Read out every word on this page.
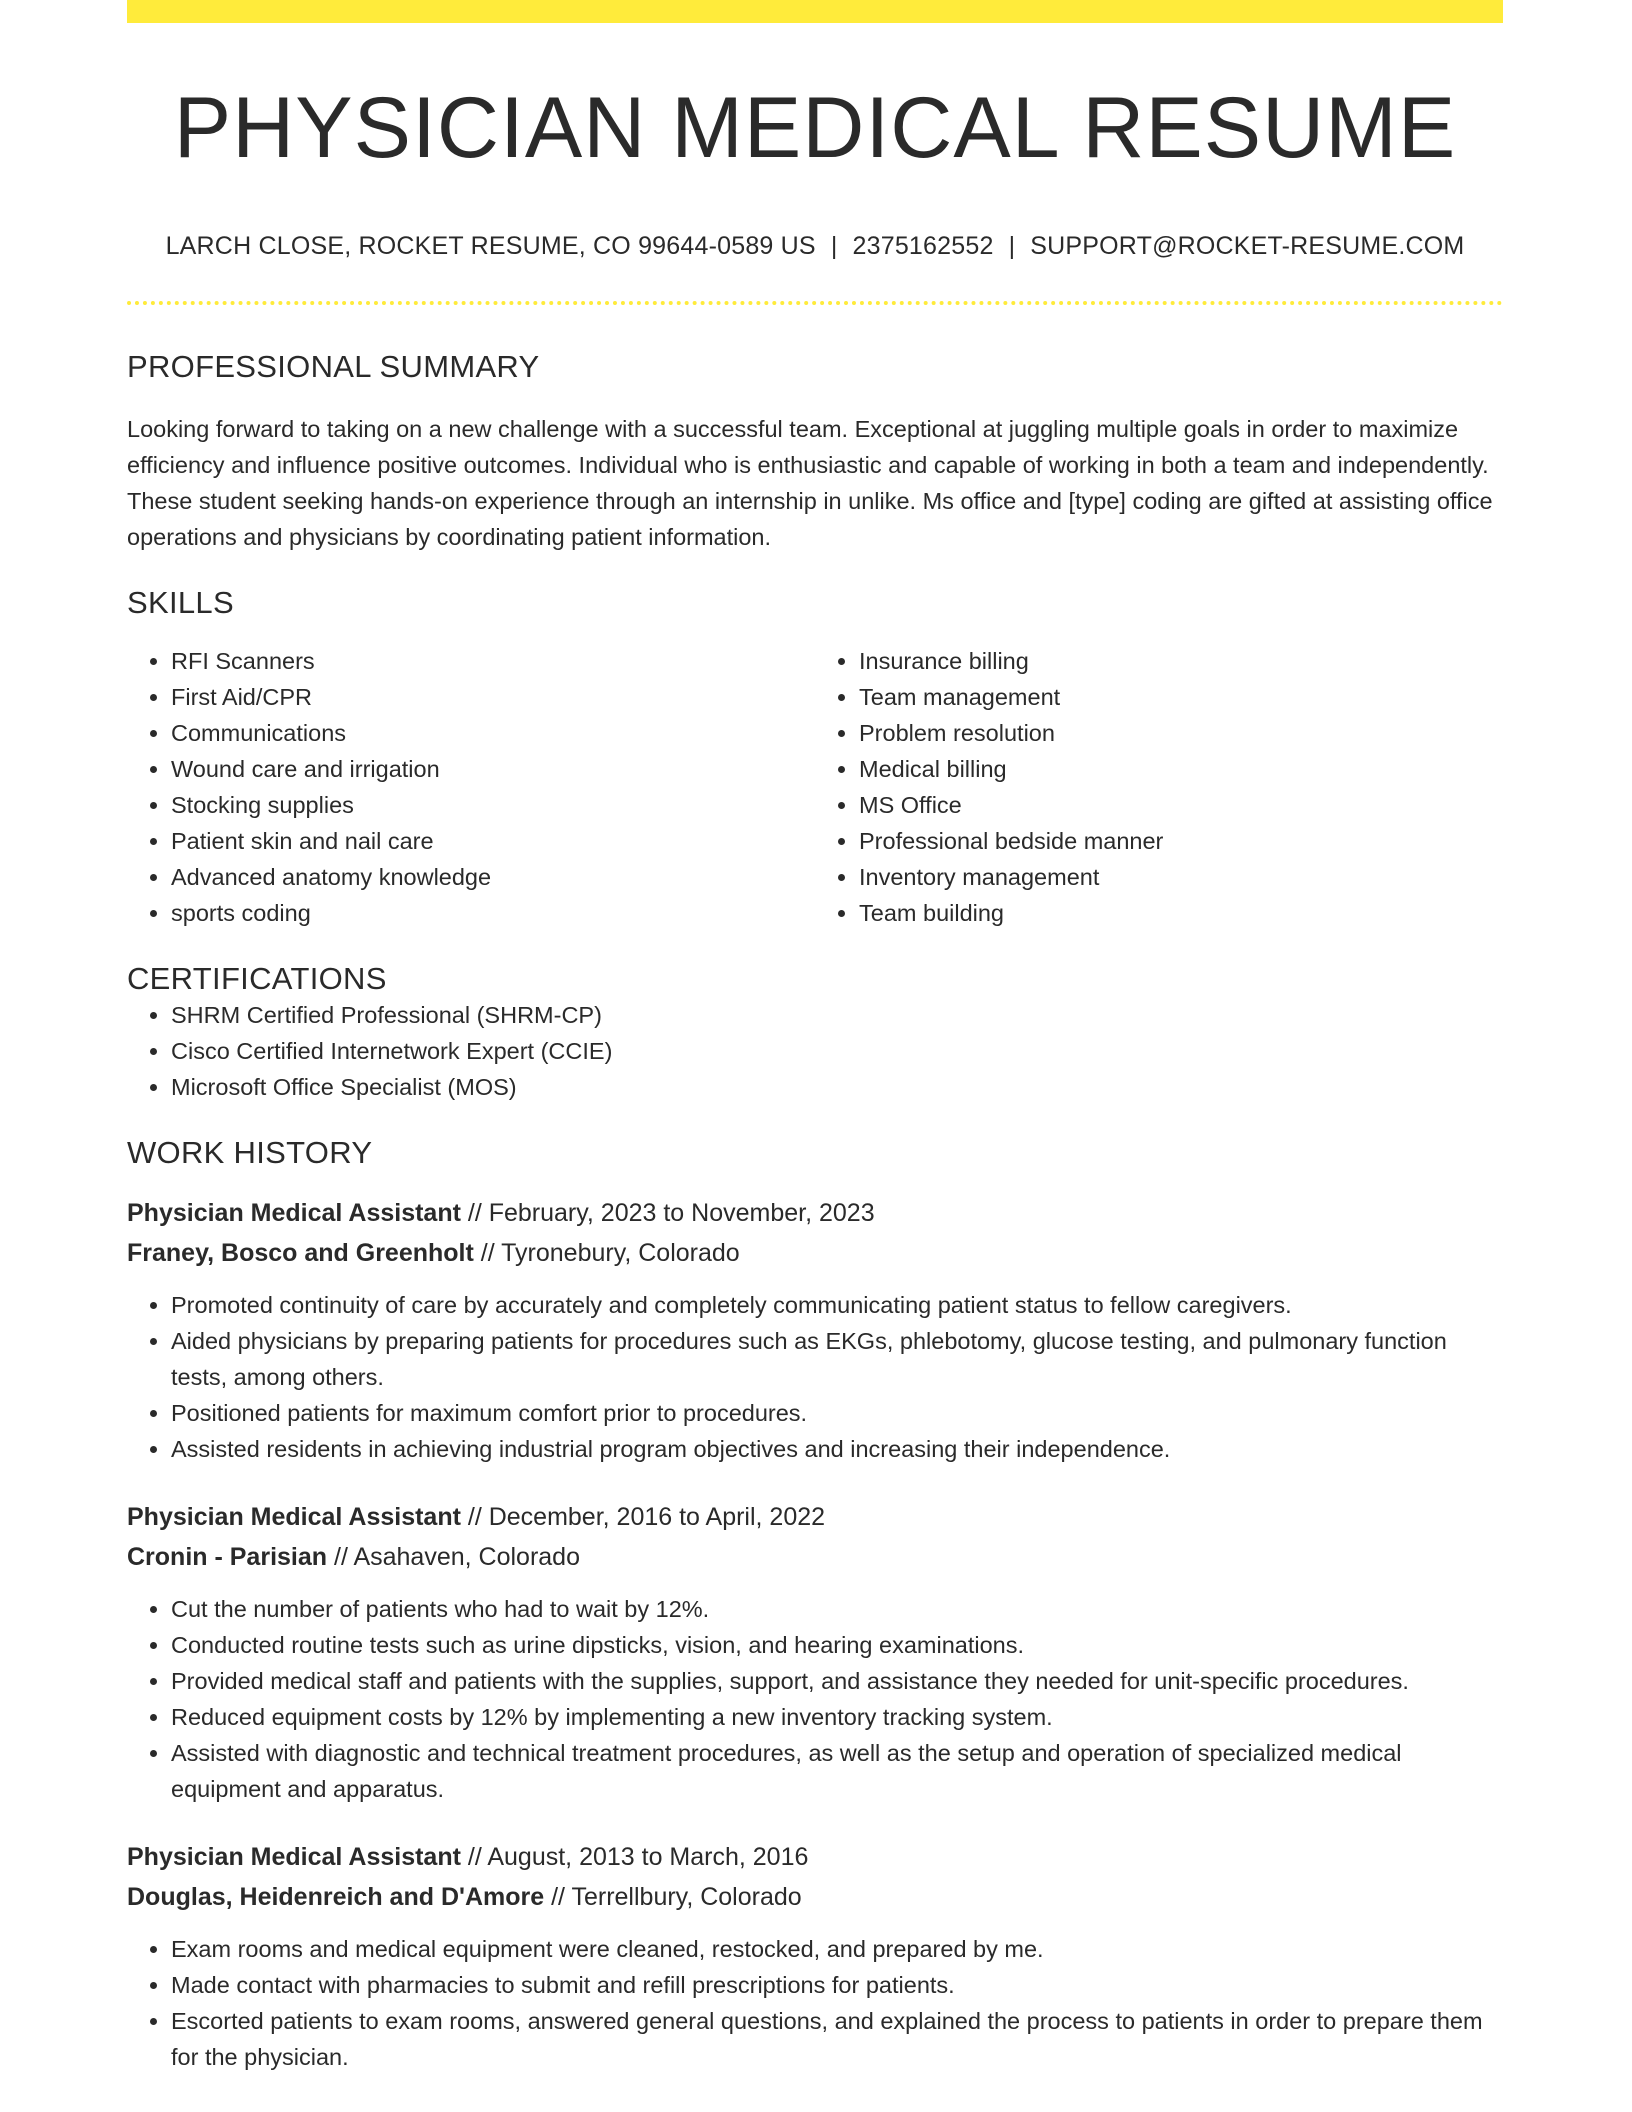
PHYSICIAN MEDICAL RESUME
LARCH CLOSE, ROCKET RESUME, CO 99644-0589 US | 2375162552 | SUPPORT@ROCKET-RESUME.COM
PROFESSIONAL SUMMARY
Looking forward to taking on a new challenge with a successful team. Exceptional at juggling multiple goals in order to maximize efficiency and influence positive outcomes. Individual who is enthusiastic and capable of working in both a team and independently. These student seeking hands-on experience through an internship in unlike. Ms office and [type] coding are gifted at assisting office operations and physicians by coordinating patient information.
SKILLS
• RFI Scanners
• First Aid/CPR
• Communications
• Wound care and irrigation
• Stocking supplies
• Patient skin and nail care
• Advanced anatomy knowledge
• sports coding
• Insurance billing
• Team management
• Problem resolution
• Medical billing
• MS Office
• Professional bedside manner
• Inventory management
• Team building
CERTIFICATIONS
• SHRM Certified Professional (SHRM-CP)
• Cisco Certified Internetwork Expert (CCIE)
• Microsoft Office Specialist (MOS)
WORK HISTORY
Physician Medical Assistant // February, 2023 to November, 2023
Franey, Bosco and Greenholt // Tyronebury, Colorado
• Promoted continuity of care by accurately and completely communicating patient status to fellow caregivers.
• Aided physicians by preparing patients for procedures such as EKGs, phlebotomy, glucose testing, and pulmonary function tests, among others.
• Positioned patients for maximum comfort prior to procedures.
• Assisted residents in achieving industrial program objectives and increasing their independence.
Physician Medical Assistant // December, 2016 to April, 2022
Cronin - Parisian // Asahaven, Colorado
• Cut the number of patients who had to wait by 12%.
• Conducted routine tests such as urine dipsticks, vision, and hearing examinations.
• Provided medical staff and patients with the supplies, support, and assistance they needed for unit-specific procedures.
• Reduced equipment costs by 12% by implementing a new inventory tracking system.
• Assisted with diagnostic and technical treatment procedures, as well as the setup and operation of specialized medical equipment and apparatus.
Physician Medical Assistant // August, 2013 to March, 2016
Douglas, Heidenreich and D'Amore // Terrellbury, Colorado
• Exam rooms and medical equipment were cleaned, restocked, and prepared by me.
• Made contact with pharmacies to submit and refill prescriptions for patients.
• Escorted patients to exam rooms, answered general questions, and explained the process to patients in order to prepare them for the physician.
